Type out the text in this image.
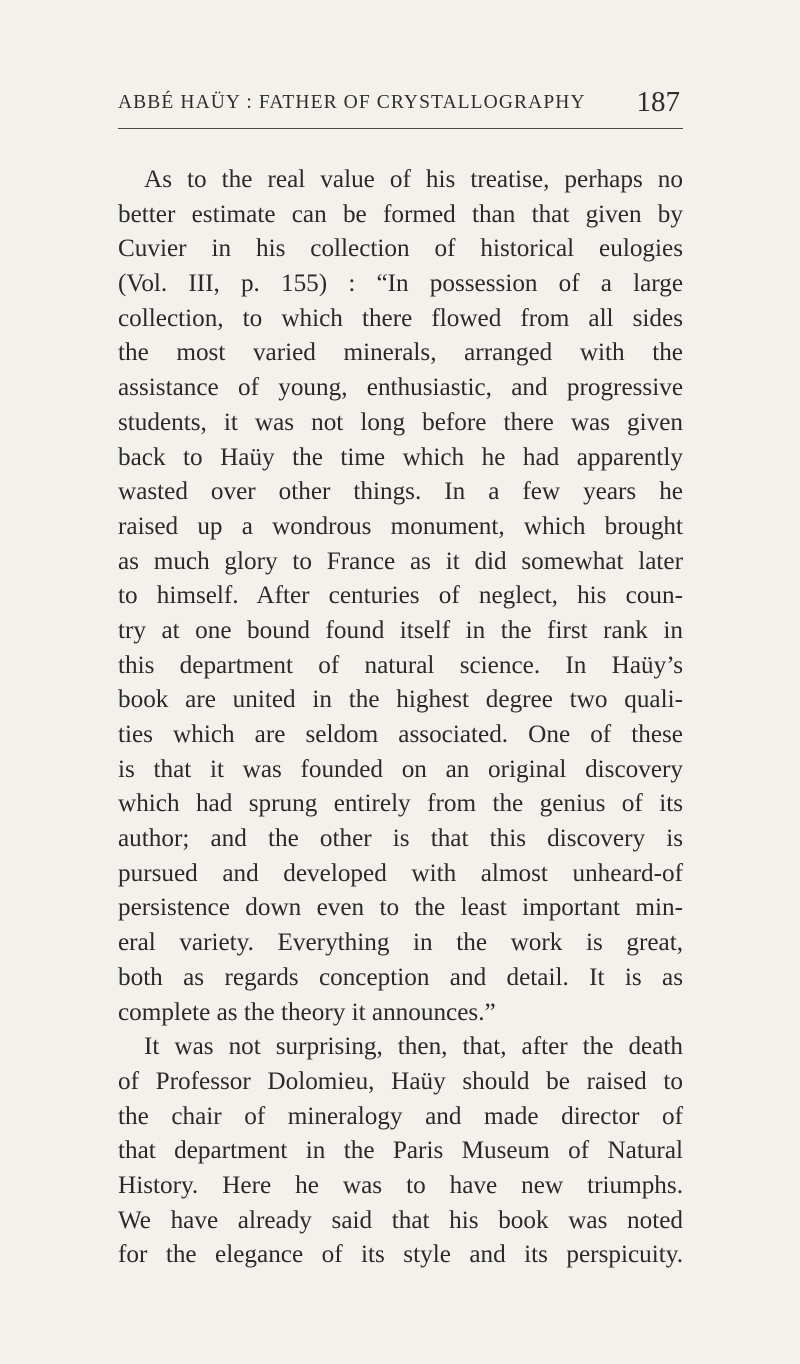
ABBÉ HAÜY : FATHER OF CRYSTALLOGRAPHY 187
As to the real value of his treatise, perhaps no
better estimate can be formed than that given by
Cuvier in his collection of historical eulogies
(Vol. III, p. 155) : “In possession of a large
collection, to which there flowed from all sides
the most varied minerals, arranged with the
assistance of young, enthusiastic, and progressive
students, it was not long before there was given
back to Haüy the time which he had apparently
wasted over other things. In a few years he
raised up a wondrous monument, which brought
as much glory to France as it did somewhat later
to himself. After centuries of neglect, his coun-
try at one bound found itself in the first rank in
this department of natural science. In Haüy’s
book are united in the highest degree two quali-
ties which are seldom associated. One of these
is that it was founded on an original discovery
which had sprung entirely from the genius of its
author; and the other is that this discovery is
pursued and developed with almost unheard-of
persistence down even to the least important min-
eral variety. Everything in the work is great,
both as regards conception and detail. It is as
complete as the theory it announces.”
It was not surprising, then, that, after the death
of Professor Dolomieu, Haüy should be raised to
the chair of mineralogy and made director of
that department in the Paris Museum of Natural
History. Here he was to have new triumphs.
We have already said that his book was noted
for the elegance of its style and its perspicuity.
